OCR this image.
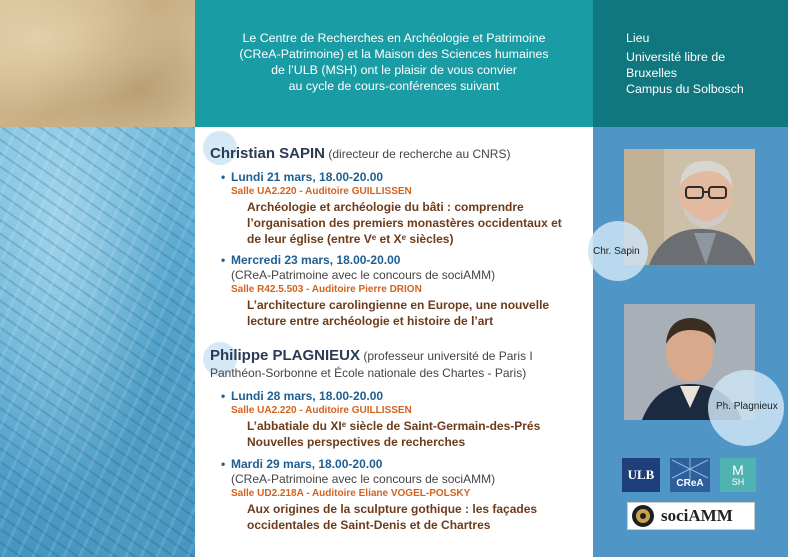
Le Centre de Recherches en Archéologie et Patrimoine
(CReA-Patrimoine) et la Maison des Sciences humaines
de l’ULB (MSH) ont le plaisir de vous convier
au cycle de cours-conférences suivant
Lieu
Université libre de
Bruxelles
Campus du Solbosch
Christian SAPIN (directeur de recherche au CNRS)
• Lundi 21 mars, 18.00-20.00
Salle UA2.220 - Auditoire GUILLISSEN
Archéologie et archéologie du bâti : comprendre
l’organisation des premiers monastères occidentaux et
de leur église (entre Vᵉ et Xᵉ siècles)
• Mercredi 23 mars, 18.00-20.00
(CReA-Patrimoine avec le concours de sociAMM)
Salle R42.5.503 - Auditoire Pierre DRION
L’architecture carolingienne en Europe, une nouvelle
lecture entre archéologie et histoire de l’art
Philippe PLAGNIEUX (professeur université de Paris I
Panthéon-Sorbonne et École nationale des Chartes - Paris)
• Lundi 28 mars, 18.00-20.00
Salle UA2.220 - Auditoire GUILLISSEN
L’abbatiale du XIᵉ siècle de Saint-Germain-des-Prés
Nouvelles perspectives de recherches
• Mardi 29 mars, 18.00-20.00
(CReA-Patrimoine avec le concours de sociAMM)
Salle UD2.218A - Auditoire Eliane VOGEL-POLSKY
Aux origines de la sculpture gothique : les façades
occidentales de Saint-Denis et de Chartres
Chr. Sapin
Ph. Plagnieux
ULB
CReA
M
SH
sociAMM
